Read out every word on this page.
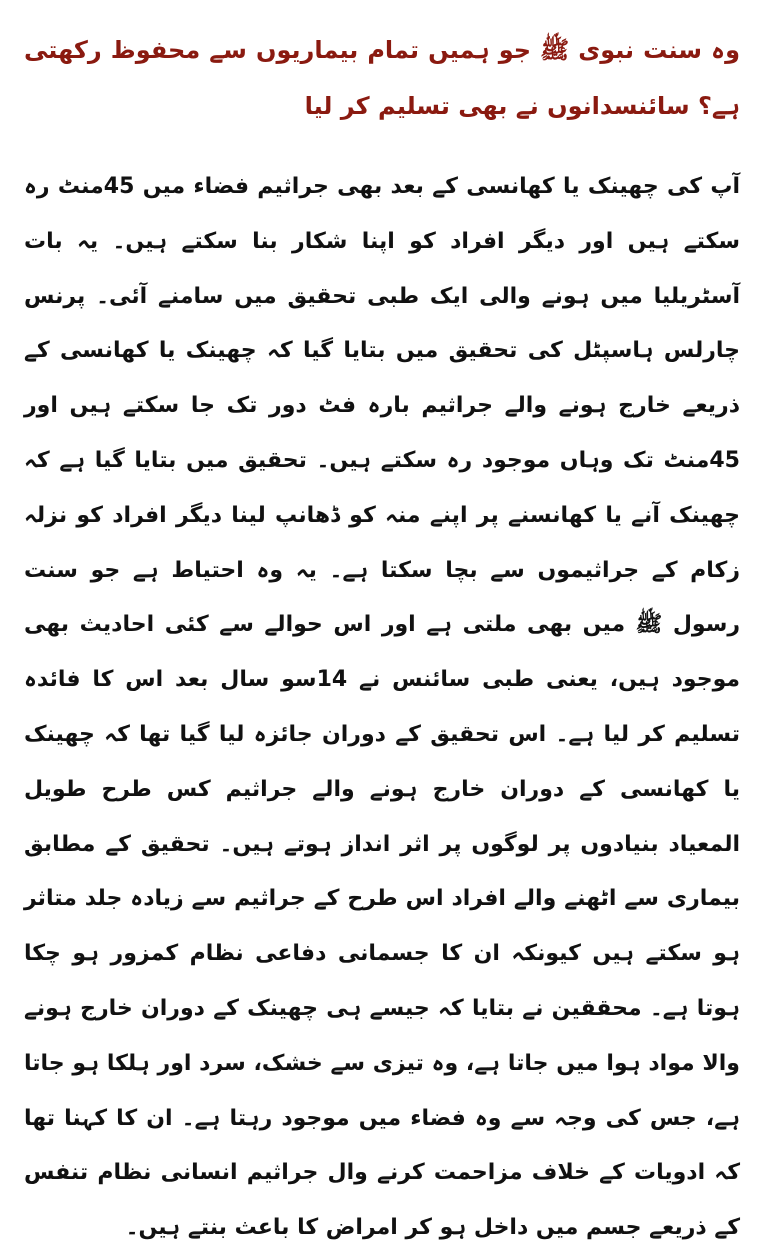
وہ سنت نبوی ﷺ جو ہمیں تمام بیماریوں سے محفوظ رکھتی ہے؟ سائنسدانوں نے بھی تسلیم کر لیا

آپ کی چھینک یا کھانسی کے بعد بھی جراثیم فضاء میں 45منٹ رہ سکتے ہیں اور دیگر افراد کو اپنا شکار بنا سکتے ہیں۔ یہ بات آسٹریلیا میں ہونے والی ایک طبی تحقیق میں سامنے آئی۔ پرنس چارلس ہاسپٹل کی تحقیق میں بتایا گیا کہ چھینک یا کھانسی کے ذریعے خارج ہونے والے جراثیم بارہ فٹ دور تک جا سکتے ہیں اور 45منٹ تک وہاں موجود رہ سکتے ہیں۔ تحقیق میں بتایا گیا ہے کہ چھینک آنے یا کھانسنے پر اپنے منہ کو ڈھانپ لینا دیگر افراد کو نزلہ زکام کے جراثیموں سے بچا سکتا ہے۔ یہ وہ احتیاط ہے جو سنت رسول ﷺ میں بھی ملتی ہے اور اس حوالے سے کئی احادیث بھی موجود ہیں، یعنی طبی سائنس نے 14سو سال بعد اس کا فائدہ تسلیم کر لیا ہے۔ اس تحقیق کے دوران جائزہ لیا گیا تھا کہ چھینک یا کھانسی کے دوران خارج ہونے والے جراثیم کس طرح طویل المعیاد بنیادوں پر لوگوں پر اثر انداز ہوتے ہیں۔ تحقیق کے مطابق بیماری سے اٹھنے والے افراد اس طرح کے جراثیم سے زیادہ جلد متاثر ہو سکتے ہیں کیونکہ ان کا جسمانی دفاعی نظام کمزور ہو چکا ہوتا ہے۔ محققین نے بتایا کہ جیسے ہی چھینک کے دوران خارج ہونے والا مواد ہوا میں جاتا ہے، وہ تیزی سے خشک، سرد اور ہلکا ہو جاتا ہے، جس کی وجہ سے وہ فضاء میں موجود رہتا ہے۔ ان کا کہنا تھا کہ ادویات کے خلاف مزاحمت کرنے وال جراثیم انسانی نظام تنفس کے ذریعے جسم میں داخل ہو کر امراض کا باعث بنتے ہیں۔
